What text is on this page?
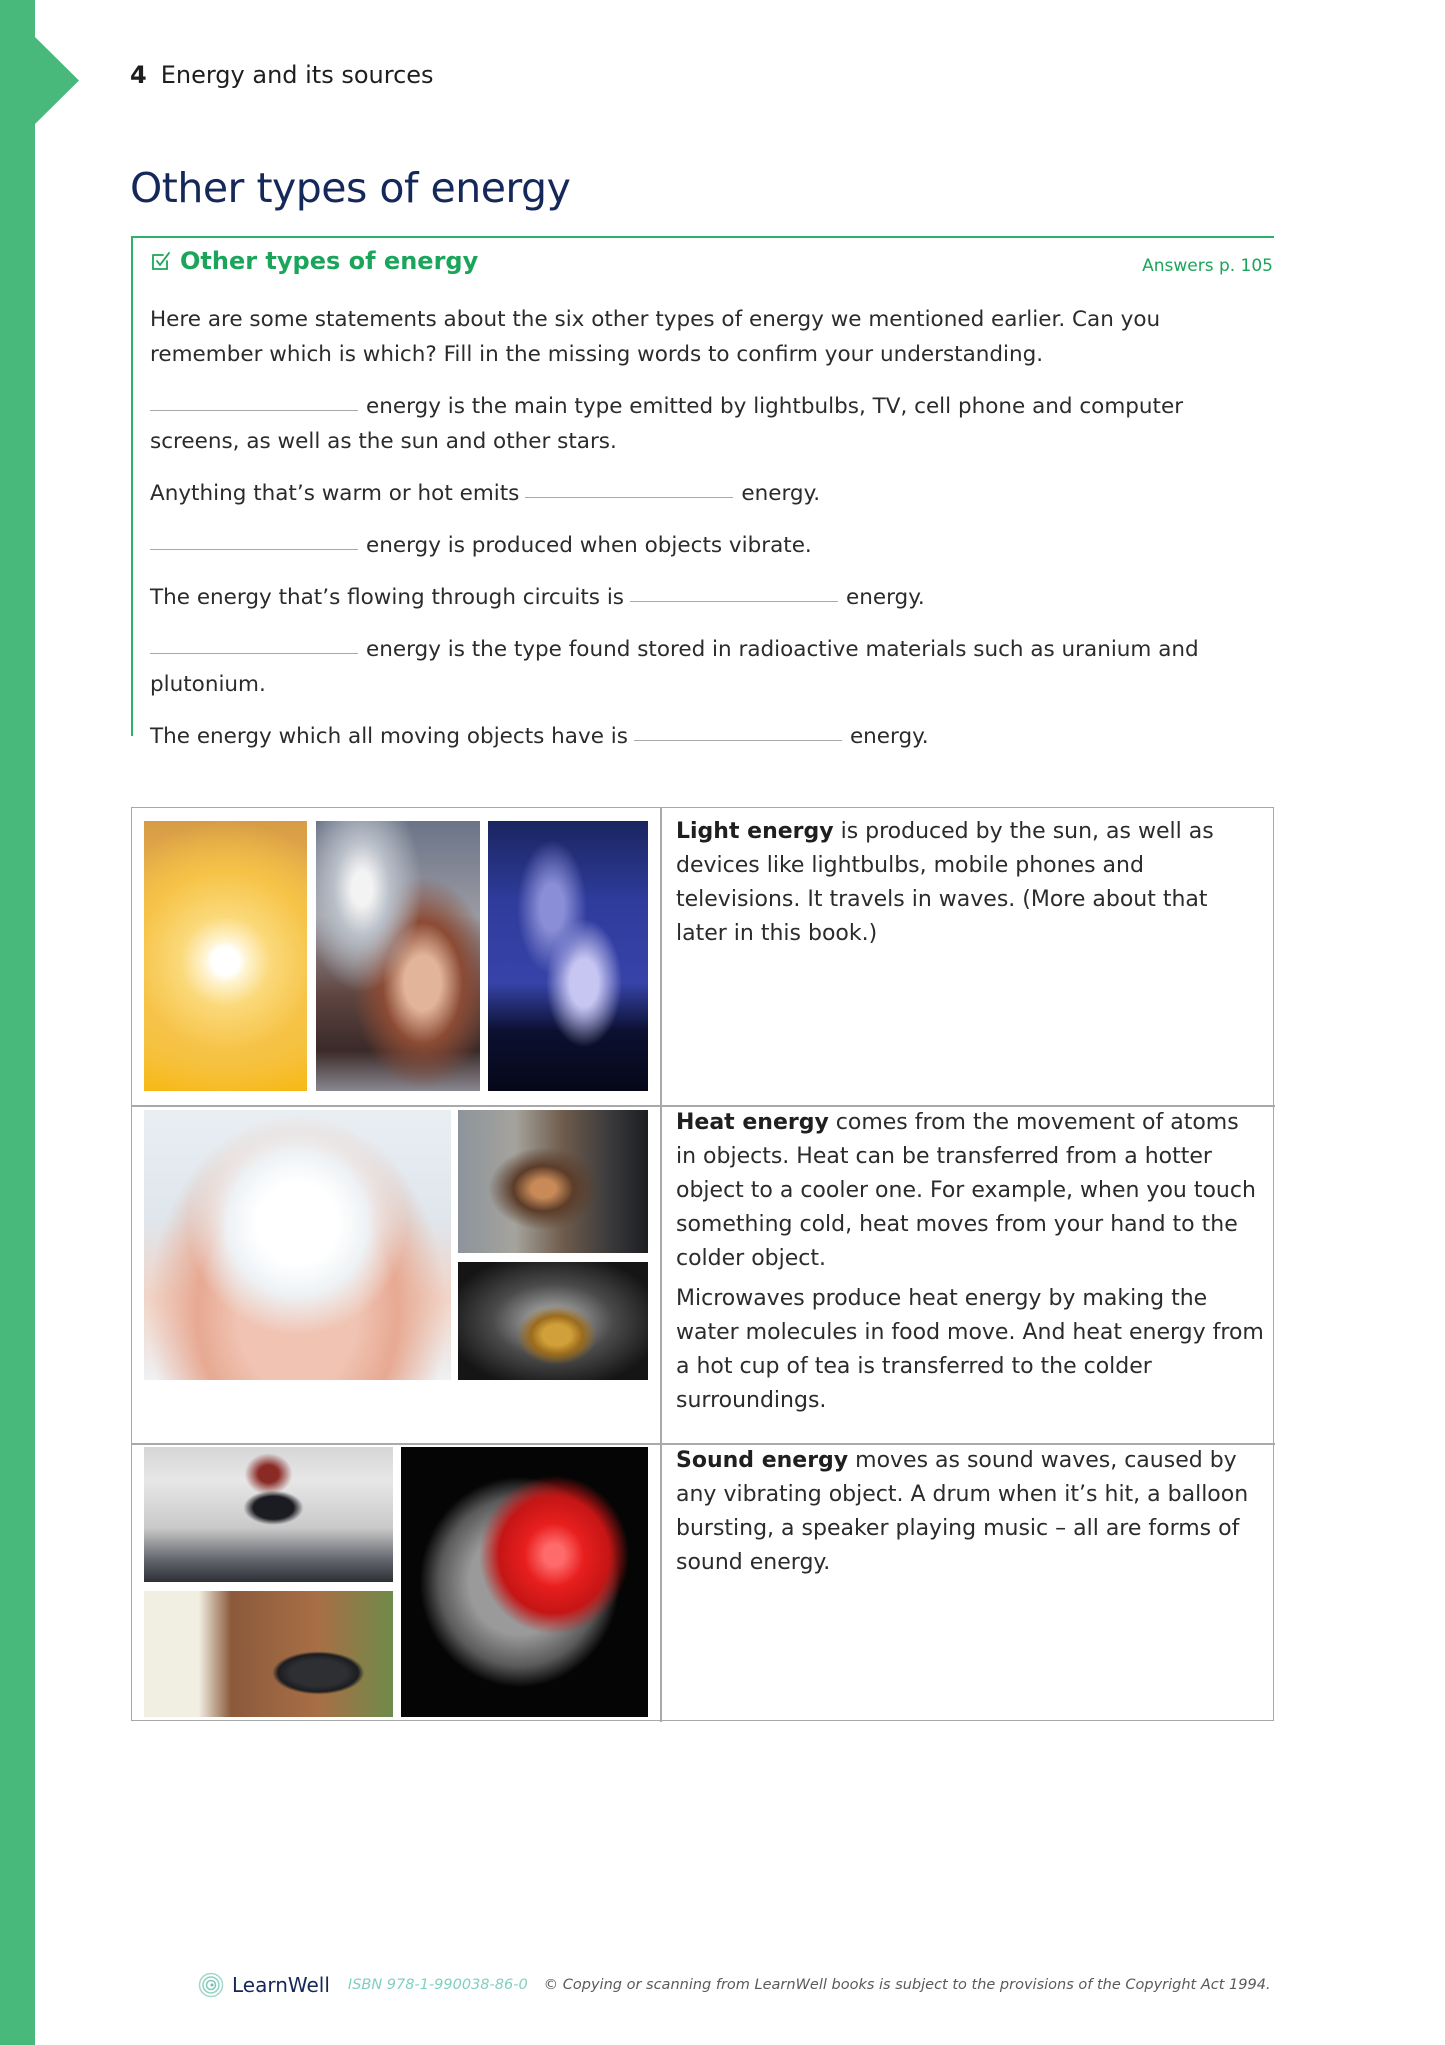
4 Energy and its sources
Other types of energy
Other types of energy	Answers p. 105

Here are some statements about the six other types of energy we mentioned earlier. Can you remember which is which? Fill in the missing words to confirm your understanding.

energy is the main type emitted by lightbulbs, TV, cell phone and computer screens, as well as the sun and other stars.

Anything that’s warm or hot emits	energy.

energy is produced when objects vibrate.

The energy that’s flowing through circuits is	energy.

energy is the type found stored in radioactive materials such as uranium and plutonium.

The energy which all moving objects have is	energy.

Light energy is produced by the sun, as well as devices like lightbulbs, mobile phones and televisions. It travels in waves. (More about that later in this book.)

Heat energy comes from the movement of atoms in objects. Heat can be transferred from a hotter object to a cooler one. For example, when you touch something cold, heat moves from your hand to the colder object.

Microwaves produce heat energy by making the water molecules in food move. And heat energy from a hot cup of tea is transferred to the colder surroundings.

Sound energy moves as sound waves, caused by any vibrating object. A drum when it’s hit, a balloon bursting, a speaker playing music – all are forms of sound energy.

LearnWell ISBN 978-1-990038-86-0 © Copying or scanning from LearnWell books is subject to the provisions of the Copyright Act 1994.
